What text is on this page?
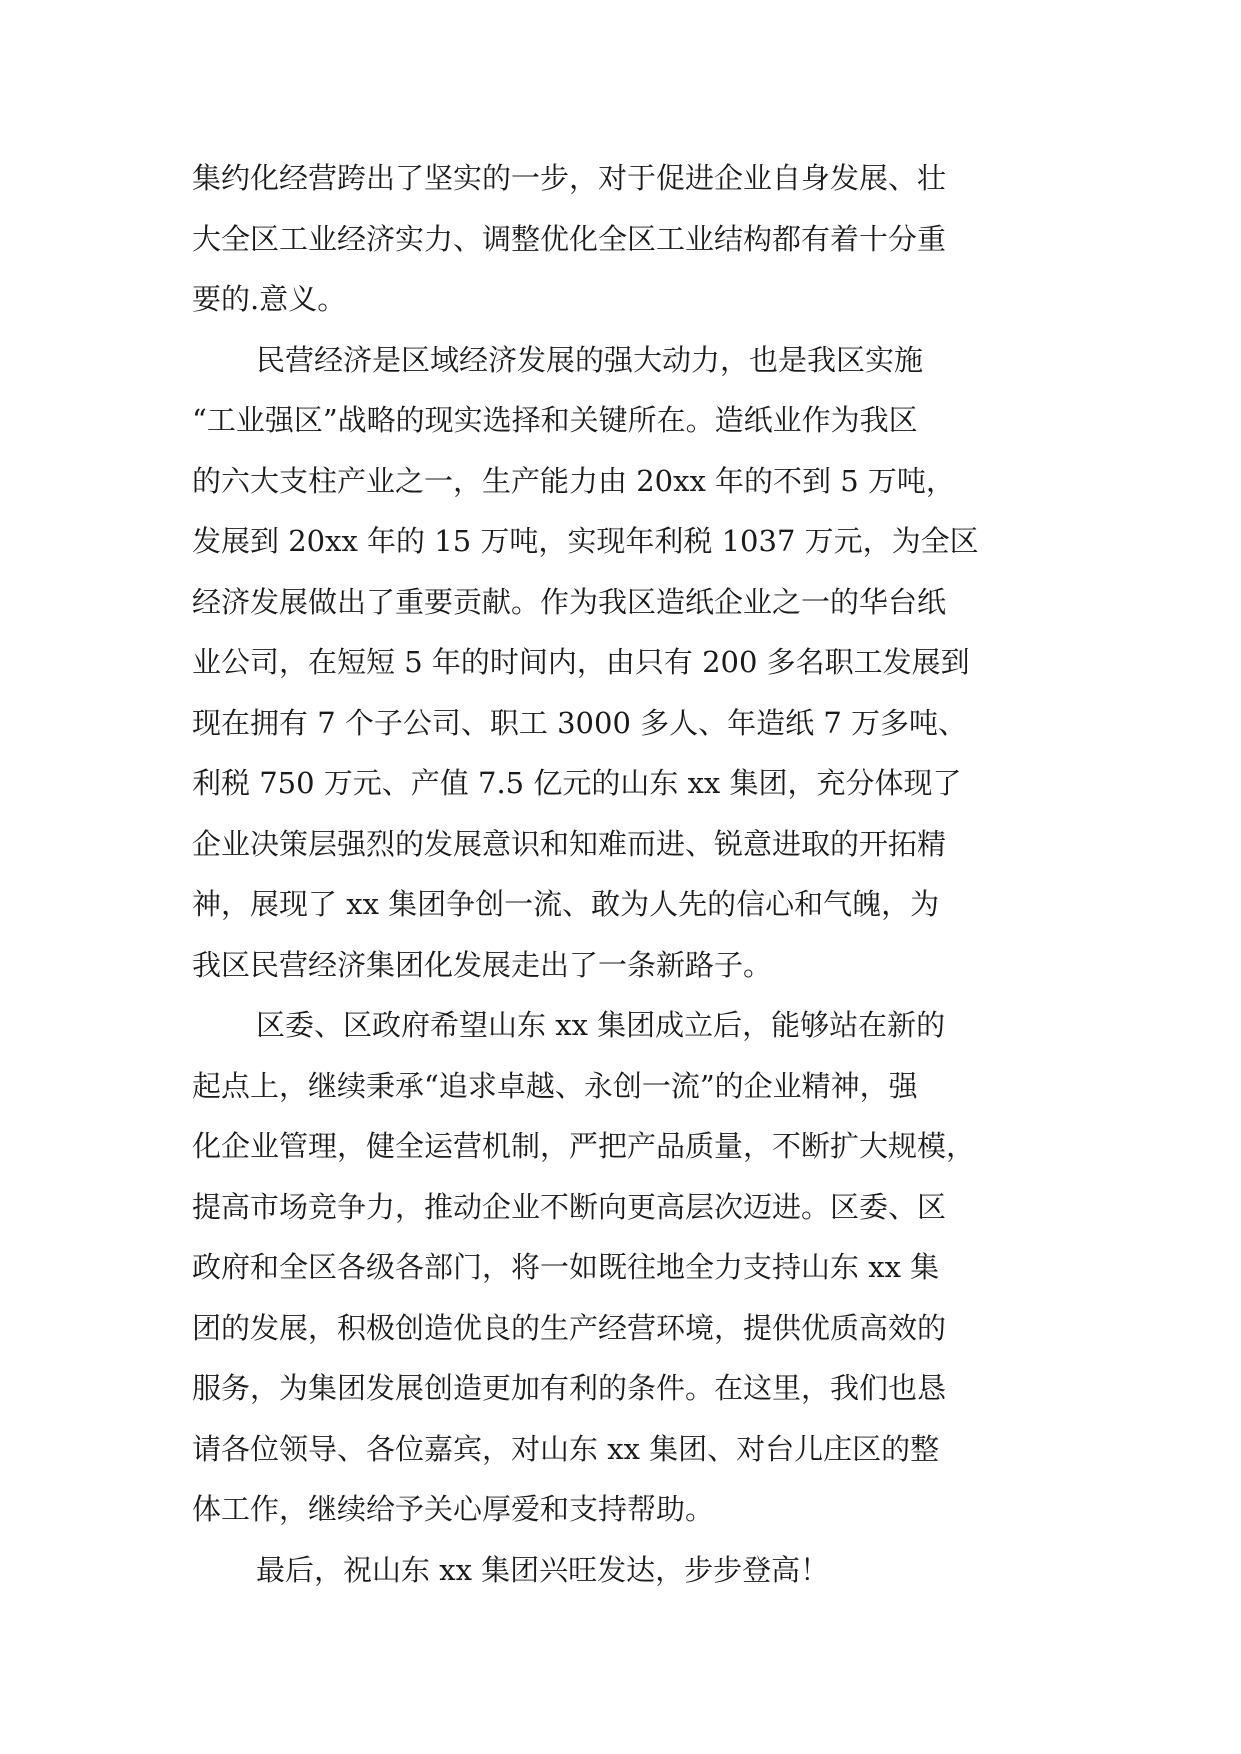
集约化经营跨出了坚实的一步，对于促进企业自身发展、壮
大全区工业经济实力、调整优化全区工业结构都有着十分重
要的.意义。
民营经济是区域经济发展的强大动力，也是我区实施
“工业强区”战略的现实选择和关键所在。造纸业作为我区
的六大支柱产业之一，生产能力由 20xx 年的不到 5 万吨，
发展到 20xx 年的 15 万吨，实现年利税 1037 万元，为全区
经济发展做出了重要贡献。作为我区造纸企业之一的华台纸
业公司，在短短 5 年的时间内，由只有 200 多名职工发展到
现在拥有 7 个子公司、职工 3000 多人、年造纸 7 万多吨、
利税 750 万元、产值 7.5 亿元的山东 xx 集团，充分体现了
企业决策层强烈的发展意识和知难而进、锐意进取的开拓精
神，展现了 xx 集团争创一流、敢为人先的信心和气魄，为
我区民营经济集团化发展走出了一条新路子。
区委、区政府希望山东 xx 集团成立后，能够站在新的
起点上，继续秉承“追求卓越、永创一流”的企业精神，强
化企业管理，健全运营机制，严把产品质量，不断扩大规模，
提高市场竞争力，推动企业不断向更高层次迈进。区委、区
政府和全区各级各部门，将一如既往地全力支持山东 xx 集
团的发展，积极创造优良的生产经营环境，提供优质高效的
服务，为集团发展创造更加有利的条件。在这里，我们也恳
请各位领导、各位嘉宾，对山东 xx 集团、对台儿庄区的整
体工作，继续给予关心厚爱和支持帮助。
最后，祝山东 xx 集团兴旺发达，步步登高！
